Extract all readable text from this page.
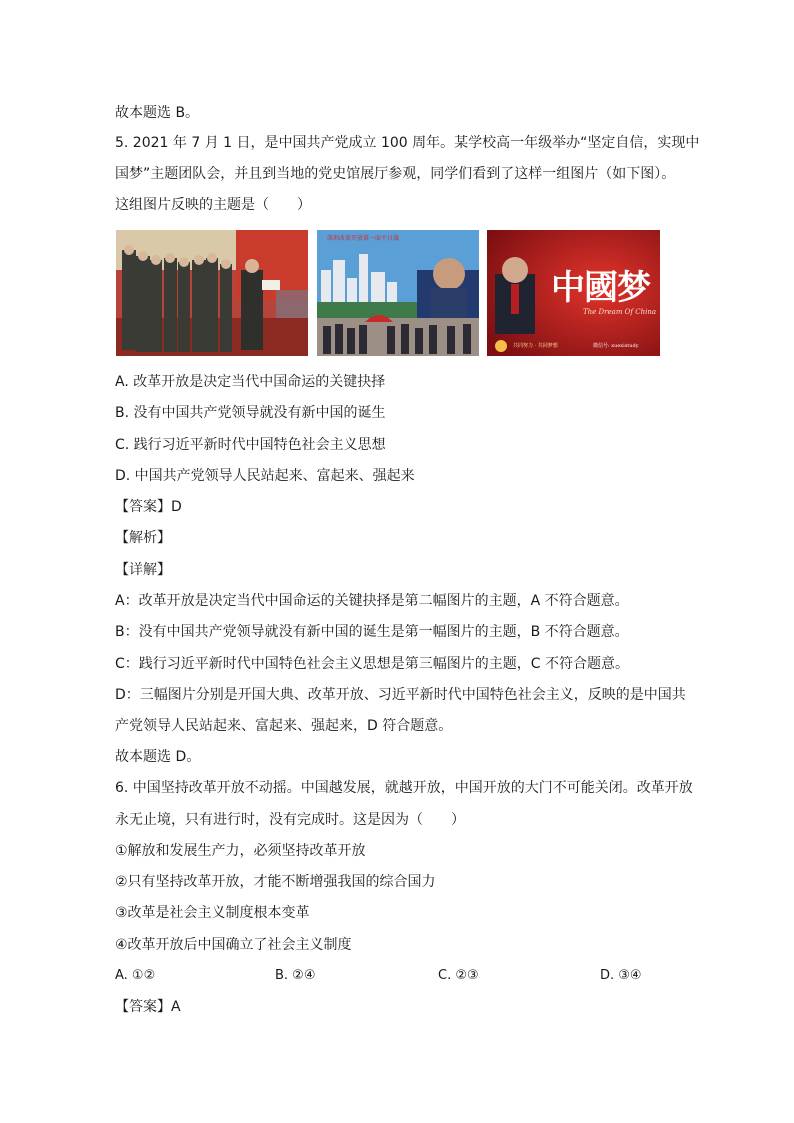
故本题选 B。
5. 2021 年 7 月 1 日，是中国共产党成立 100 周年。某学校高一年级举办“坚定自信，实现中
国梦”主题团队会，并且到当地的党史馆展厅参观，同学们看到了这样一组图片（如下图）。
这组图片反映的主题是（　　）
深圳改革开放第一面不日旗
中國梦
The Dream Of China
共同努力 · 共同梦想	微信号: xuexistudy
A. 改革开放是决定当代中国命运的关键抉择
B. 没有中国共产党领导就没有新中国的诞生
C. 践行习近平新时代中国特色社会主义思想
D. 中国共产党领导人民站起来、富起来、强起来
【答案】D
【解析】
【详解】
A：改革开放是决定当代中国命运的关键抉择是第二幅图片的主题，A 不符合题意。
B：没有中国共产党领导就没有新中国的诞生是第一幅图片的主题，B 不符合题意。
C：践行习近平新时代中国特色社会主义思想是第三幅图片的主题，C 不符合题意。
D：三幅图片分别是开国大典、改革开放、习近平新时代中国特色社会主义，反映的是中国共
产党领导人民站起来、富起来、强起来，D 符合题意。
故本题选 D。
6. 中国坚持改革开放不动摇。中国越发展，就越开放，中国开放的大门不可能关闭。改革开放
永无止境，只有进行时，没有完成时。这是因为（　　）
①解放和发展生产力，必须坚持改革开放
②只有坚持改革开放，才能不断增强我国的综合国力
③改革是社会主义制度根本变革
④改革开放后中国确立了社会主义制度
A. ①②	B. ②④	C. ②③	D. ③④
【答案】A
